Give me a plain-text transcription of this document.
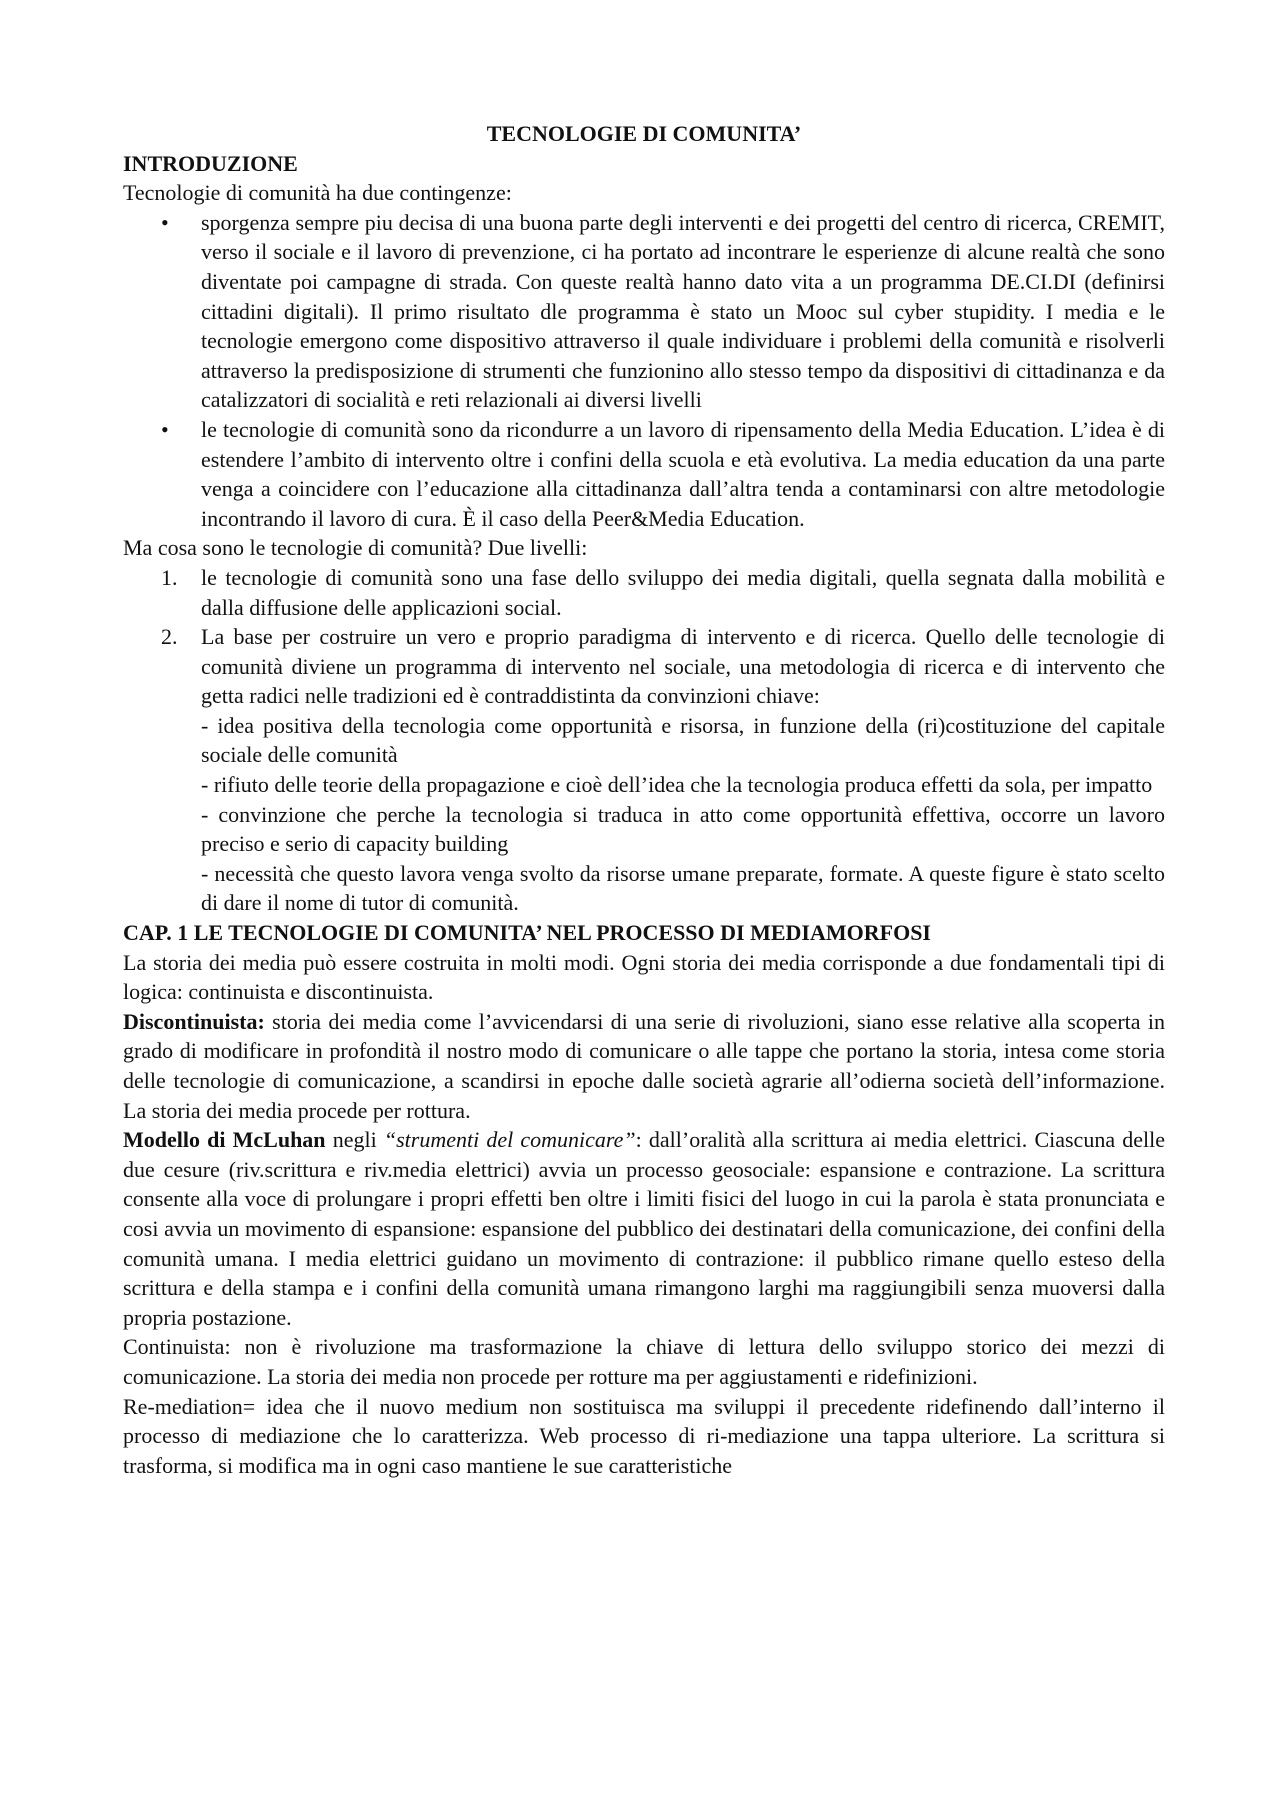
TECNOLOGIE DI COMUNITA’

INTRODUZIONE

Tecnologie di comunità ha due contingenze:

• sporgenza sempre piu decisa di una buona parte degli interventi e dei progetti del centro di ricerca, CREMIT, verso il sociale e il lavoro di prevenzione, ci ha portato ad incontrare le esperienze di alcune realtà che sono diventate poi campagne di strada. Con queste realtà hanno dato vita a un programma DE.CI.DI (definirsi cittadini digitali). Il primo risultato dle programma è stato un Mooc sul cyber stupidity. I media e le tecnologie emergono come dispositivo attraverso il quale individuare i problemi della comunità e risolverli attraverso la predisposizione di strumenti che funzionino allo stesso tempo da dispositivi di cittadinanza e da catalizzatori di socialità e reti relazionali ai diversi livelli
• le tecnologie di comunità sono da ricondurre a un lavoro di ripensamento della Media Education. L’idea è di estendere l’ambito di intervento oltre i confini della scuola e età evolutiva. La media education da una parte venga a coincidere con l’educazione alla cittadinanza dall’altra tenda a contaminarsi con altre metodologie incontrando il lavoro di cura. È il caso della Peer&Media Education.

Ma cosa sono le tecnologie di comunità? Due livelli:

1. le tecnologie di comunità sono una fase dello sviluppo dei media digitali, quella segnata dalla mobilità e dalla diffusione delle applicazioni social.
2. La base per costruire un vero e proprio paradigma di intervento e di ricerca. Quello delle tecnologie di comunità diviene un programma di intervento nel sociale, una metodologia di ricerca e di intervento che getta radici nelle tradizioni ed è contraddistinta da convinzioni chiave:
- idea positiva della tecnologia come opportunità e risorsa, in funzione della (ri)costituzione del capitale sociale delle comunità
- rifiuto delle teorie della propagazione e cioè dell’idea che la tecnologia produca effetti da sola, per impatto
- convinzione che perche la tecnologia si traduca in atto come opportunità effettiva, occorre un lavoro preciso e serio di capacity building
- necessità che questo lavora venga svolto da risorse umane preparate, formate. A queste figure è stato scelto di dare il nome di tutor di comunità.

CAP. 1 LE TECNOLOGIE DI COMUNITA’ NEL PROCESSO DI MEDIAMORFOSI

La storia dei media può essere costruita in molti modi. Ogni storia dei media corrisponde a due fondamentali tipi di logica: continuista e discontinuista.

Discontinuista: storia dei media come l’avvicendarsi di una serie di rivoluzioni, siano esse relative alla scoperta in grado di modificare in profondità il nostro modo di comunicare o alle tappe che portano la storia, intesa come storia delle tecnologie di comunicazione, a scandirsi in epoche dalle società agrarie all’odierna società dell’informazione. La storia dei media procede per rottura.

Modello di McLuhan negli “strumenti del comunicare”: dall’oralità alla scrittura ai media elettrici. Ciascuna delle due cesure (riv.scrittura e riv.media elettrici) avvia un processo geosociale: espansione e contrazione. La scrittura consente alla voce di prolungare i propri effetti ben oltre i limiti fisici del luogo in cui la parola è stata pronunciata e cosi avvia un movimento di espansione: espansione del pubblico dei destinatari della comunicazione, dei confini della comunità umana. I media elettrici guidano un movimento di contrazione: il pubblico rimane quello esteso della scrittura e della stampa e i confini della comunità umana rimangono larghi ma raggiungibili senza muoversi dalla propria postazione.

Continuista: non è rivoluzione ma trasformazione la chiave di lettura dello sviluppo storico dei mezzi di comunicazione. La storia dei media non procede per rotture ma per aggiustamenti e ridefinizioni.

Re-mediation= idea che il nuovo medium non sostituisca ma sviluppi il precedente ridefinendo dall’interno il processo di mediazione che lo caratterizza. Web processo di ri-mediazione una tappa ulteriore. La scrittura si trasforma, si modifica ma in ogni caso mantiene le sue caratteristiche
